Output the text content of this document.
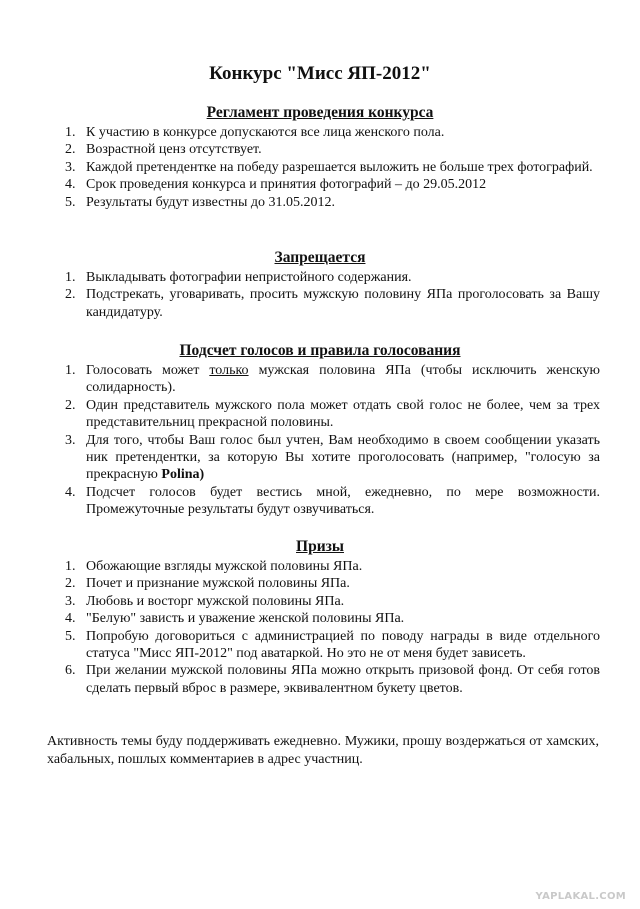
Конкурс "Мисс ЯП-2012"
Регламент проведения конкурса
1. К участию в конкурсе допускаются все лица женского пола.
2. Возрастной ценз отсутствует.
3. Каждой претендентке на победу разрешается выложить не больше трех фотографий.
4. Срок проведения конкурса и принятия фотографий – до 29.05.2012
5. Результаты будут известны до 31.05.2012.
Запрещается
1. Выкладывать фотографии непристойного содержания.
2. Подстрекать, уговаривать, просить мужскую половину ЯПа проголосовать за Вашу кандидатуру.
Подсчет голосов и правила голосования
1. Голосовать может только мужская половина ЯПа (чтобы исключить женскую солидарность).
2. Один представитель мужского пола может отдать свой голос не более, чем за трех представительниц прекрасной половины.
3. Для того, чтобы Ваш голос был учтен, Вам необходимо в своем сообщении указать ник претендентки, за которую Вы хотите проголосовать (например, "голосую за прекрасную Polina)
4. Подсчет голосов будет вестись мной, ежедневно, по мере возможности. Промежуточные результаты будут озвучиваться.
Призы
1. Обожающие взгляды мужской половины ЯПа.
2. Почет и признание мужской половины ЯПа.
3. Любовь и восторг мужской половины ЯПа.
4. "Белую" зависть и уважение женской половины ЯПа.
5. Попробую договориться с администрацией по поводу награды в виде отдельного статуса "Мисс ЯП-2012" под аватаркой. Но это не от меня будет зависеть.
6. При желании мужской половины ЯПа можно открыть призовой фонд. От себя готов сделать первый вброс в размере, эквивалентном букету цветов.
Активность темы буду поддерживать ежедневно. Мужики, прошу воздержаться от хамских, хабальных, пошлых комментариев в адрес участниц.
YAPLAKAL.COM
